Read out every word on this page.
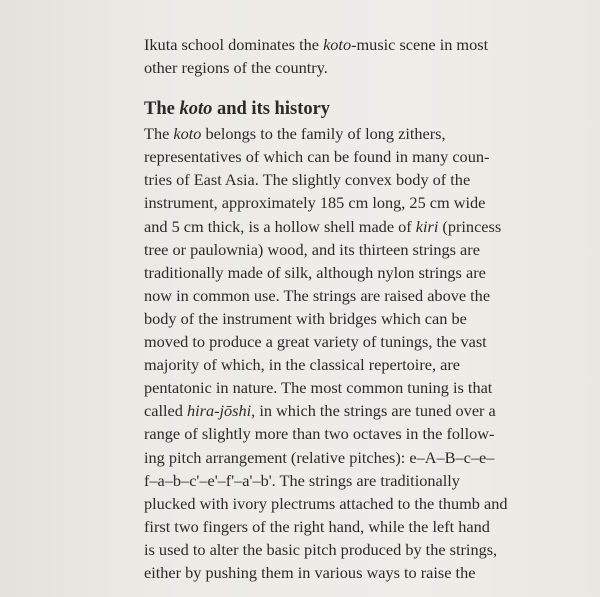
Ikuta school dominates the koto-music scene in most
other regions of the country.
The koto and its history
The koto belongs to the family of long zithers,
representatives of which can be found in many coun-
tries of East Asia. The slightly convex body of the
instrument, approximately 185 cm long, 25 cm wide
and 5 cm thick, is a hollow shell made of kiri (princess
tree or paulownia) wood, and its thirteen strings are
traditionally made of silk, although nylon strings are
now in common use. The strings are raised above the
body of the instrument with bridges which can be
moved to produce a great variety of tunings, the vast
majority of which, in the classical repertoire, are
pentatonic in nature. The most common tuning is that
called hira-jōshi, in which the strings are tuned over a
range of slightly more than two octaves in the follow-
ing pitch arrangement (relative pitches): e–A–B–c–e–
f–a–b–c'–e'–f'–a'–b'. The strings are traditionally
plucked with ivory plectrums attached to the thumb and
first two fingers of the right hand, while the left hand
is used to alter the basic pitch produced by the strings,
either by pushing them in various ways to raise the
